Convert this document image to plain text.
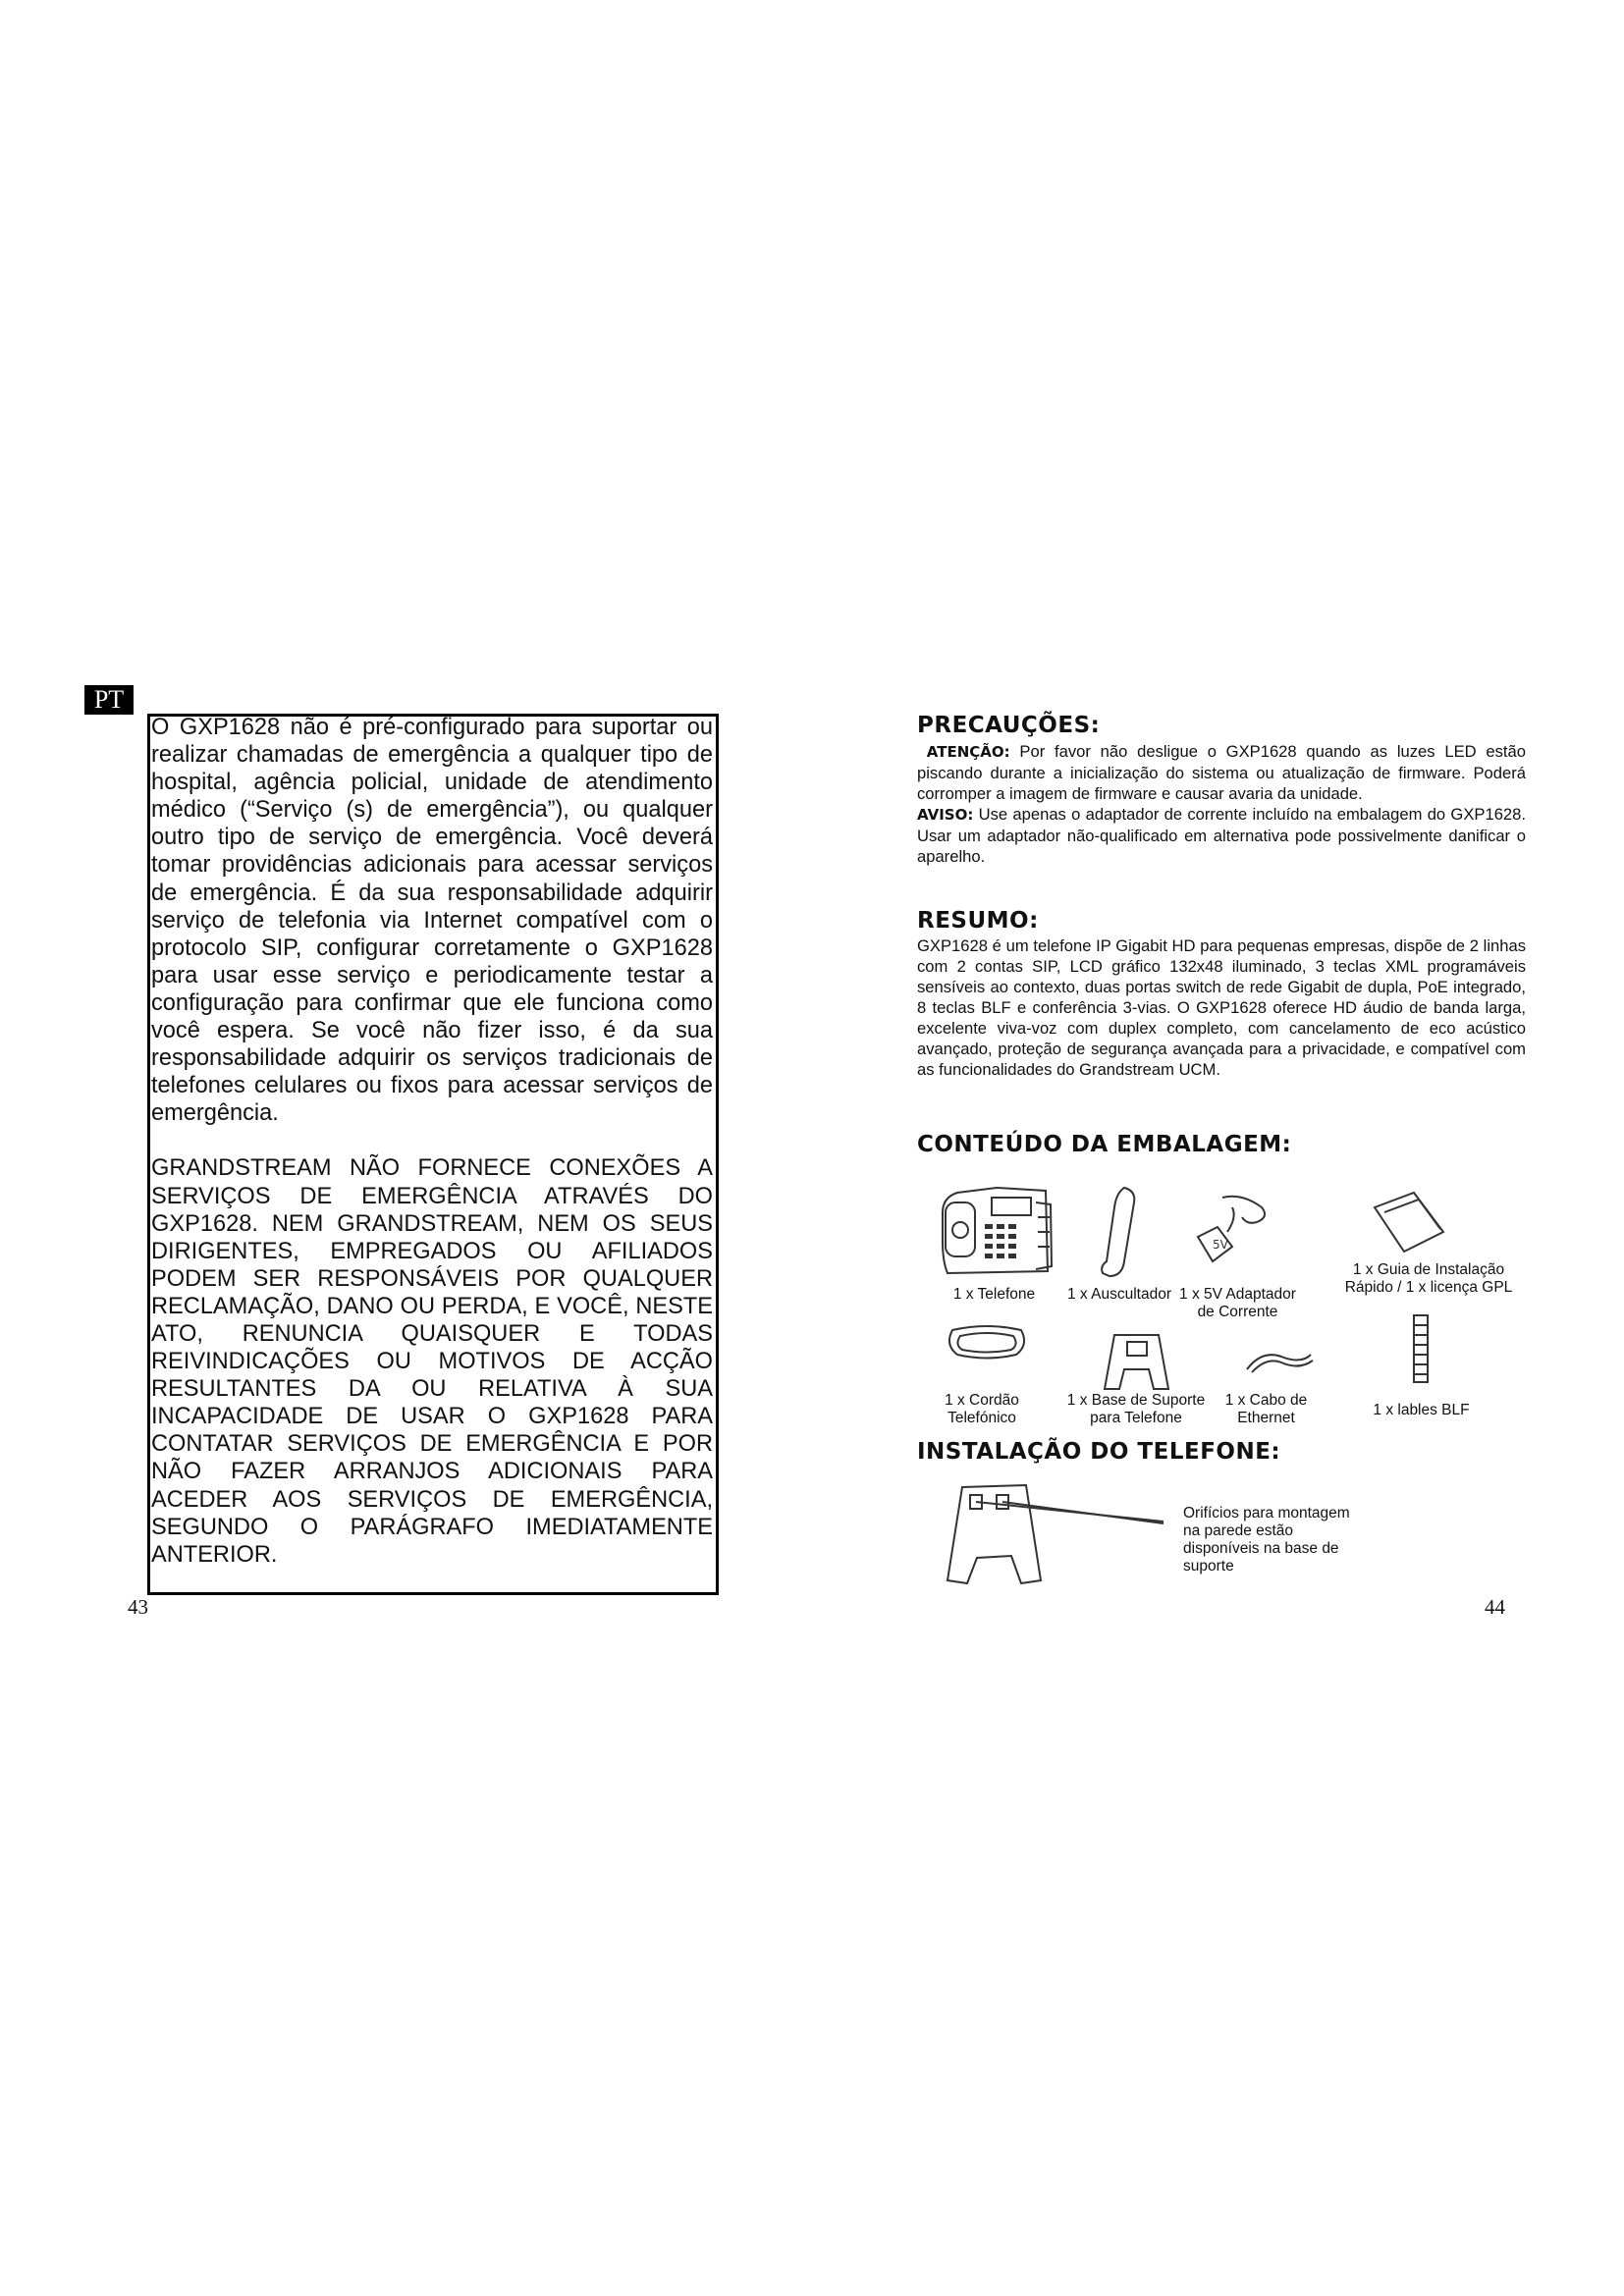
PT

O GXP1628 não é pré-configurado para suportar ou realizar chamadas de emergência a qualquer tipo de hospital, agência policial, unidade de atendimento médico (“Serviço (s) de emergência”), ou qualquer outro tipo de serviço de emergência. Você deverá tomar providências adicionais para acessar serviços de emergência. É da sua responsabilidade adquirir serviço de telefonia via Internet compatível com o protocolo SIP, configurar corretamente o GXP1628 para usar esse serviço e periodicamente testar a configuração para confirmar que ele funciona como você espera. Se você não fizer isso, é da sua responsabilidade adquirir os serviços tradicionais de telefones celulares ou fixos para acessar serviços de emergência.

GRANDSTREAM NÃO FORNECE CONEXÕES A SERVIÇOS DE EMERGÊNCIA ATRAVÉS DO GXP1628. NEM GRANDSTREAM, NEM OS SEUS DIRIGENTES, EMPREGADOS OU AFILIADOS PODEM SER RESPONSÁVEIS POR QUALQUER RECLAMAÇÃO, DANO OU PERDA, E VOCÊ, NESTE ATO, RENUNCIA QUAISQUER E TODAS REIVINDICAÇÕES OU MOTIVOS DE ACÇÃO RESULTANTES DA OU RELATIVA À SUA INCAPACIDADE DE USAR O GXP1628 PARA CONTATAR SERVIÇOS DE EMERGÊNCIA E POR NÃO FAZER ARRANJOS ADICIONAIS PARA ACEDER AOS SERVIÇOS DE EMERGÊNCIA, SEGUNDO O PARÁGRAFO IMEDIATAMENTE ANTERIOR.

43
PRECAUÇÕES:

ATENÇÃO: Por favor não desligue o GXP1628 quando as luzes LED estão piscando durante a inicialização do sistema ou atualização de firmware. Poderá corromper a imagem de firmware e causar avaria da unidade.

AVISO: Use apenas o adaptador de corrente incluído na embalagem do GXP1628. Usar um adaptador não-qualificado em alternativa pode possivelmente danificar o aparelho.

RESUMO:

GXP1628 é um telefone IP Gigabit HD para pequenas empresas, dispõe de 2 linhas com 2 contas SIP, LCD gráfico 132x48 iluminado, 3 teclas XML programáveis sensíveis ao contexto, duas portas switch de rede Gigabit de dupla, PoE integrado, 8 teclas BLF e conferência 3-vias. O GXP1628 oferece HD áudio de banda larga, excelente viva-voz com duplex completo, com cancelamento de eco acústico avançado, proteção de segurança avançada para a privacidade, e compatível com as funcionalidades do Grandstream UCM.

CONTEÚDO DA EMBALAGEM:
1 x Telefone	1 x Auscultador
5V
1 x 5V Adaptador de Corrente
1 x Guia de Instalação Rápido / 1 x licença GPL
1 x Cordão Telefónico
1 x Base de Suporte para Telefone
1 x Cabo de Ethernet	1 x lables BLF
INSTALAÇÃO DO TELEFONE:
Orifícios para montagem na parede estão disponíveis na base de suporte
44
